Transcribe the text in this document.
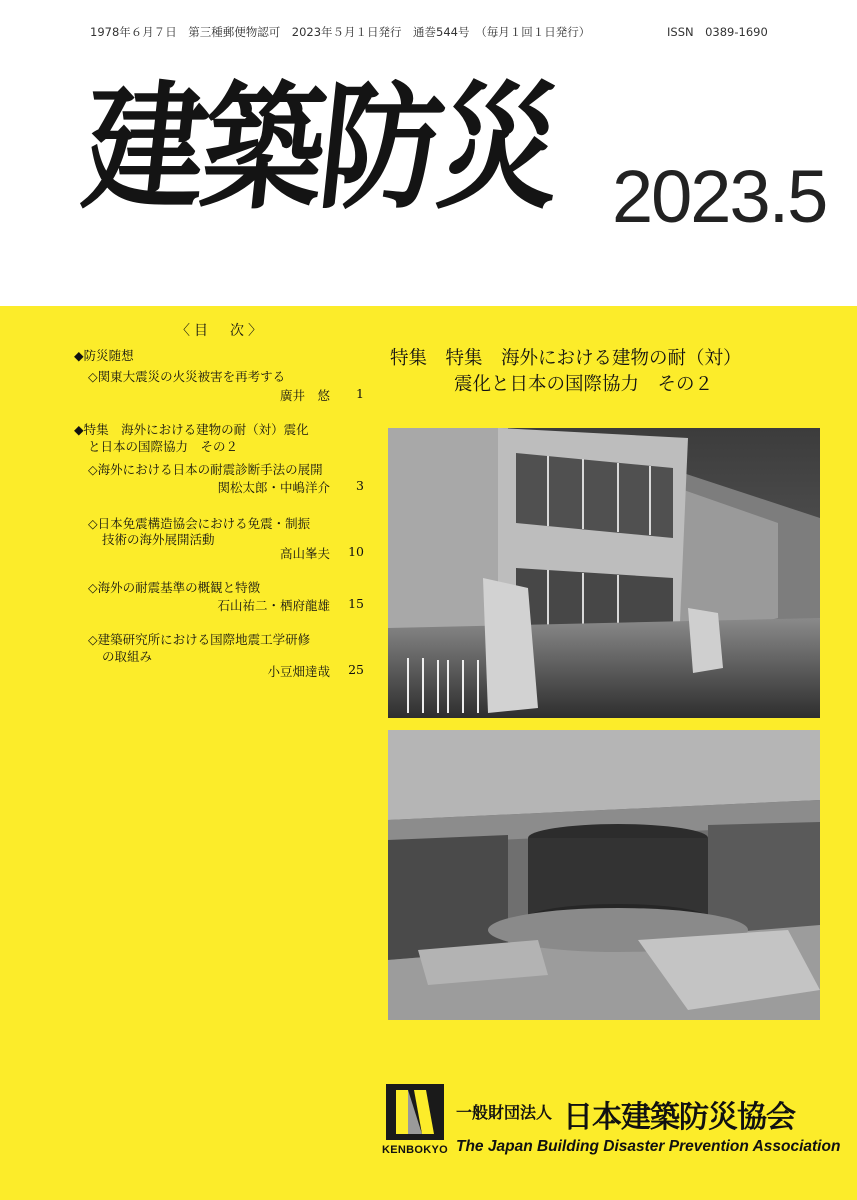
1978年６月７日　第三種郵便物認可　2023年５月１日発行　通巻544号　（毎月１回１日発行）	ISSN　0389-1690
建築防災 2023.5
〈目　次〉
◆防災随想
◇関東大震災の火災被害を再考する
廣井　悠 1
◆特集　海外における建物の耐（対）震化
と日本の国際協力　その２
◇海外における日本の耐震診断手法の展開
関松太郎・中嶋洋介 3
◇日本免震構造協会における免震・制振
技術の海外展開活動
高山峯夫 10
◇海外の耐震基準の概観と特徴
石山祐二・栖府龍雄 15
◇建築研究所における国際地震工学研修
の取組み
小豆畑達哉 25
特集　特集　海外における建物の耐（対）
震化と日本の国際協力　その２
KENBOKYO
一般財団法人 日本建築防災協会
The Japan Building Disaster Prevention Association
